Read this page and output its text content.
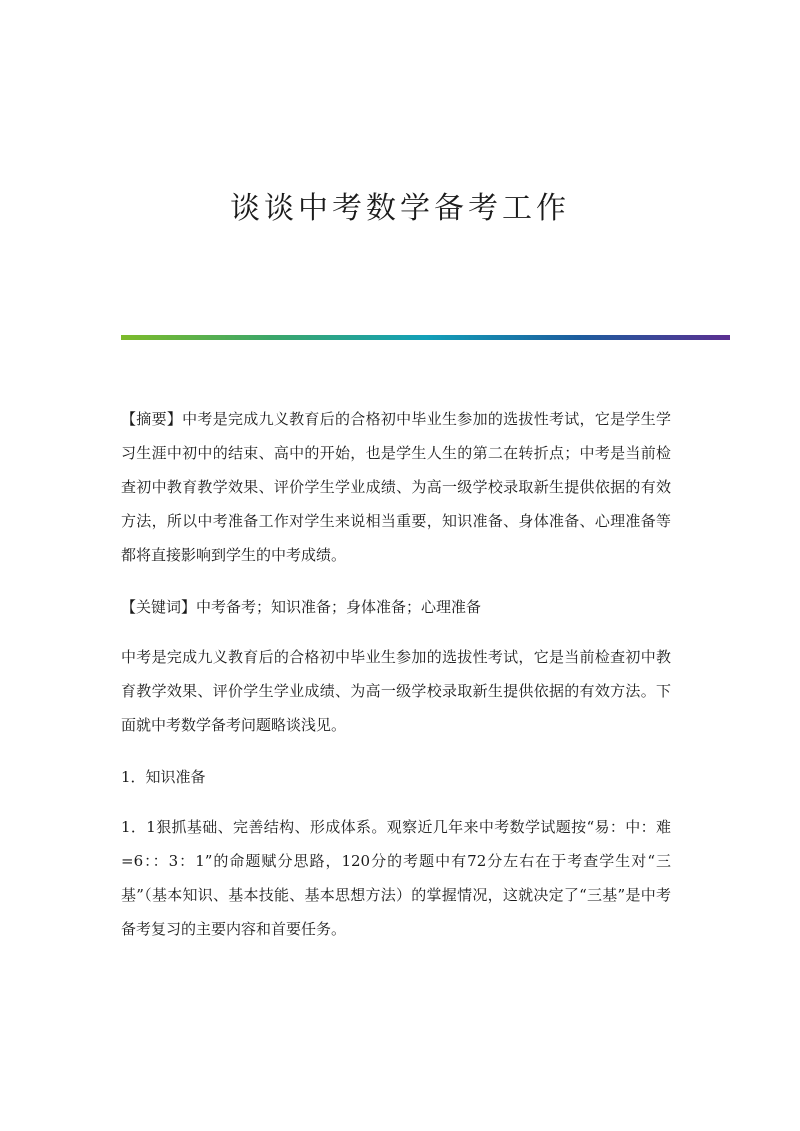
谈谈中考数学备考工作

【摘要】中考是完成九义教育后的合格初中毕业生参加的选拔性考试，它是学生学习生涯中初中的结束、高中的开始，也是学生人生的第二在转折点；中考是当前检查初中教育教学效果、评价学生学业成绩、为高一级学校录取新生提供依据的有效方法，所以中考准备工作对学生来说相当重要，知识准备、身体准备、心理准备等都将直接影响到学生的中考成绩。

【关键词】中考备考；知识准备；身体准备；心理准备

中考是完成九义教育后的合格初中毕业生参加的选拔性考试，它是当前检查初中教育教学效果、评价学生学业成绩、为高一级学校录取新生提供依据的有效方法。下面就中考数学备考问题略谈浅见。

1．知识准备

1．1狠抓基础、完善结构、形成体系。观察近几年来中考数学试题按“易：中：难=6：：3：1”的命题赋分思路，120分的考题中有72分左右在于考查学生对“三基”（基本知识、基本技能、基本思想方法）的掌握情况，这就决定了“三基”是中考备考复习的主要内容和首要任务。
